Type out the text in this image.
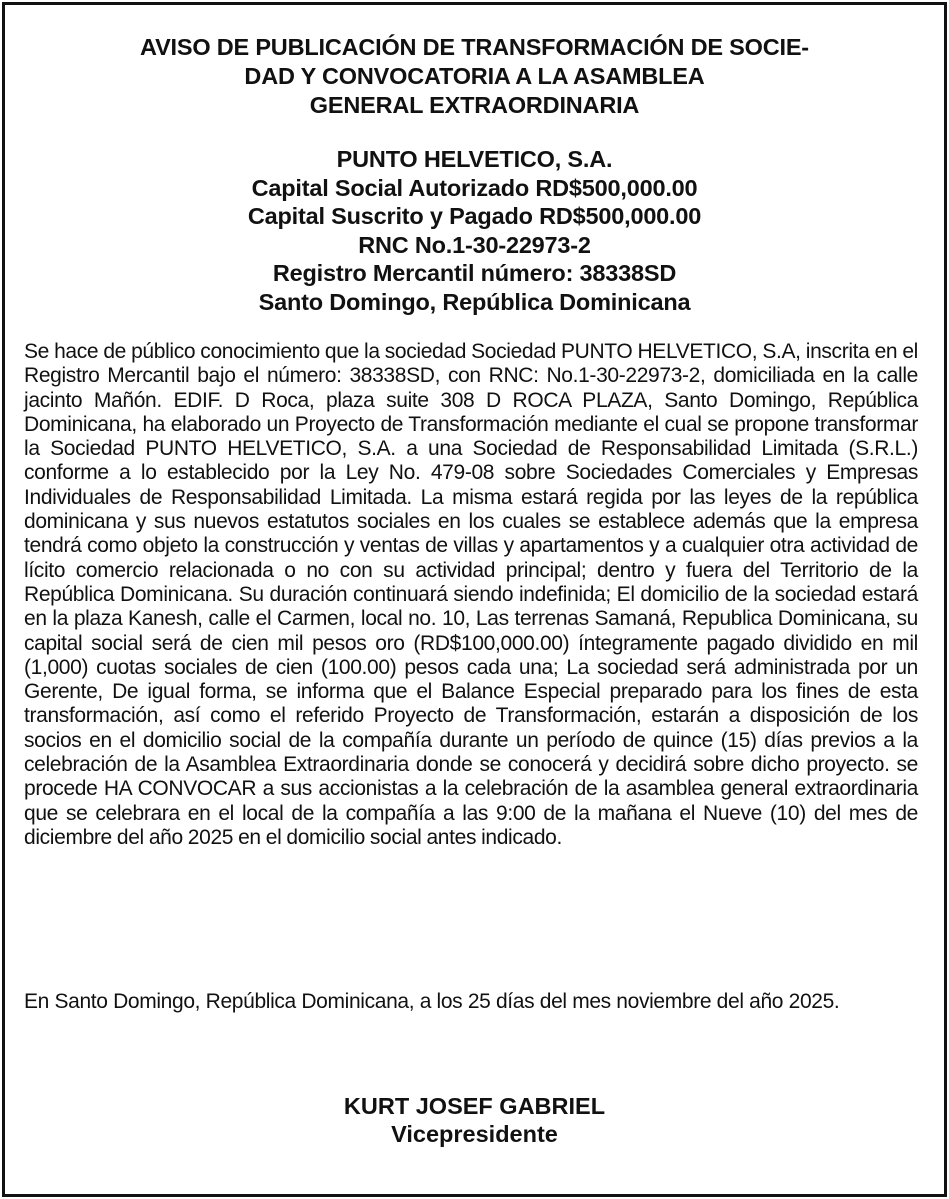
AVISO DE PUBLICACIÓN DE TRANSFORMACIÓN DE SOCIE-
DAD Y CONVOCATORIA A LA ASAMBLEA
GENERAL EXTRAORDINARIA
PUNTO HELVETICO, S.A.
Capital Social Autorizado RD$500,000.00
Capital Suscrito y Pagado RD$500,000.00
RNC No.1-30-22973-2
Registro Mercantil número: 38338SD
Santo Domingo, República Dominicana

Se hace de público conocimiento que la sociedad Sociedad PUNTO HELVETICO, S.A, inscrita en el Registro Mercantil bajo el número: 38338SD, con RNC: No.1-30-22973-2, domiciliada en la calle jacinto Mañón. EDIF. D Roca, plaza suite 308 D ROCA PLAZA, Santo Domingo, República Dominicana, ha elaborado un Proyecto de Transformación mediante el cual se propone transformar la Sociedad PUNTO HELVETICO, S.A. a una Sociedad de Responsabilidad Limitada (S.R.L.) conforme a lo establecido por la Ley No. 479-08 sobre Sociedades Comerciales y Empresas Individuales de Responsabilidad Limitada. La misma estará regida por las leyes de la república dominicana y sus nuevos estatutos sociales en los cuales se establece además que la empresa tendrá como objeto la construcción y ventas de villas y apartamentos y a cualquier otra actividad de lícito comercio relacionada o no con su actividad principal; dentro y fuera del Territorio de la República Dominicana. Su duración continuará siendo indefinida; El domicilio de la sociedad estará en la plaza Kanesh, calle el Carmen, local no. 10, Las terrenas Samaná, Republica Dominicana, su capital social será de cien mil pesos oro (RD$100,000.00) íntegramente pagado dividido en mil (1,000) cuotas sociales de cien (100.00) pesos cada una; La sociedad será administrada por un Gerente, De igual forma, se informa que el Balance Especial preparado para los fines de esta transformación, así como el referido Proyecto de Transformación, estarán a disposición de los socios en el domicilio social de la compañía durante un período de quince (15) días previos a la celebración de la Asamblea Extraordinaria donde se conocerá y decidirá sobre dicho proyecto. se procede HA CONVOCAR a sus accionistas a la celebración de la asamblea general extraordinaria que se celebrara en el local de la compañía a las 9:00 de la mañana el Nueve (10) del mes de diciembre del año 2025 en el domicilio social antes indicado.

En Santo Domingo, República Dominicana, a los 25 días del mes noviembre del año 2025.

KURT JOSEF GABRIEL
Vicepresidente
